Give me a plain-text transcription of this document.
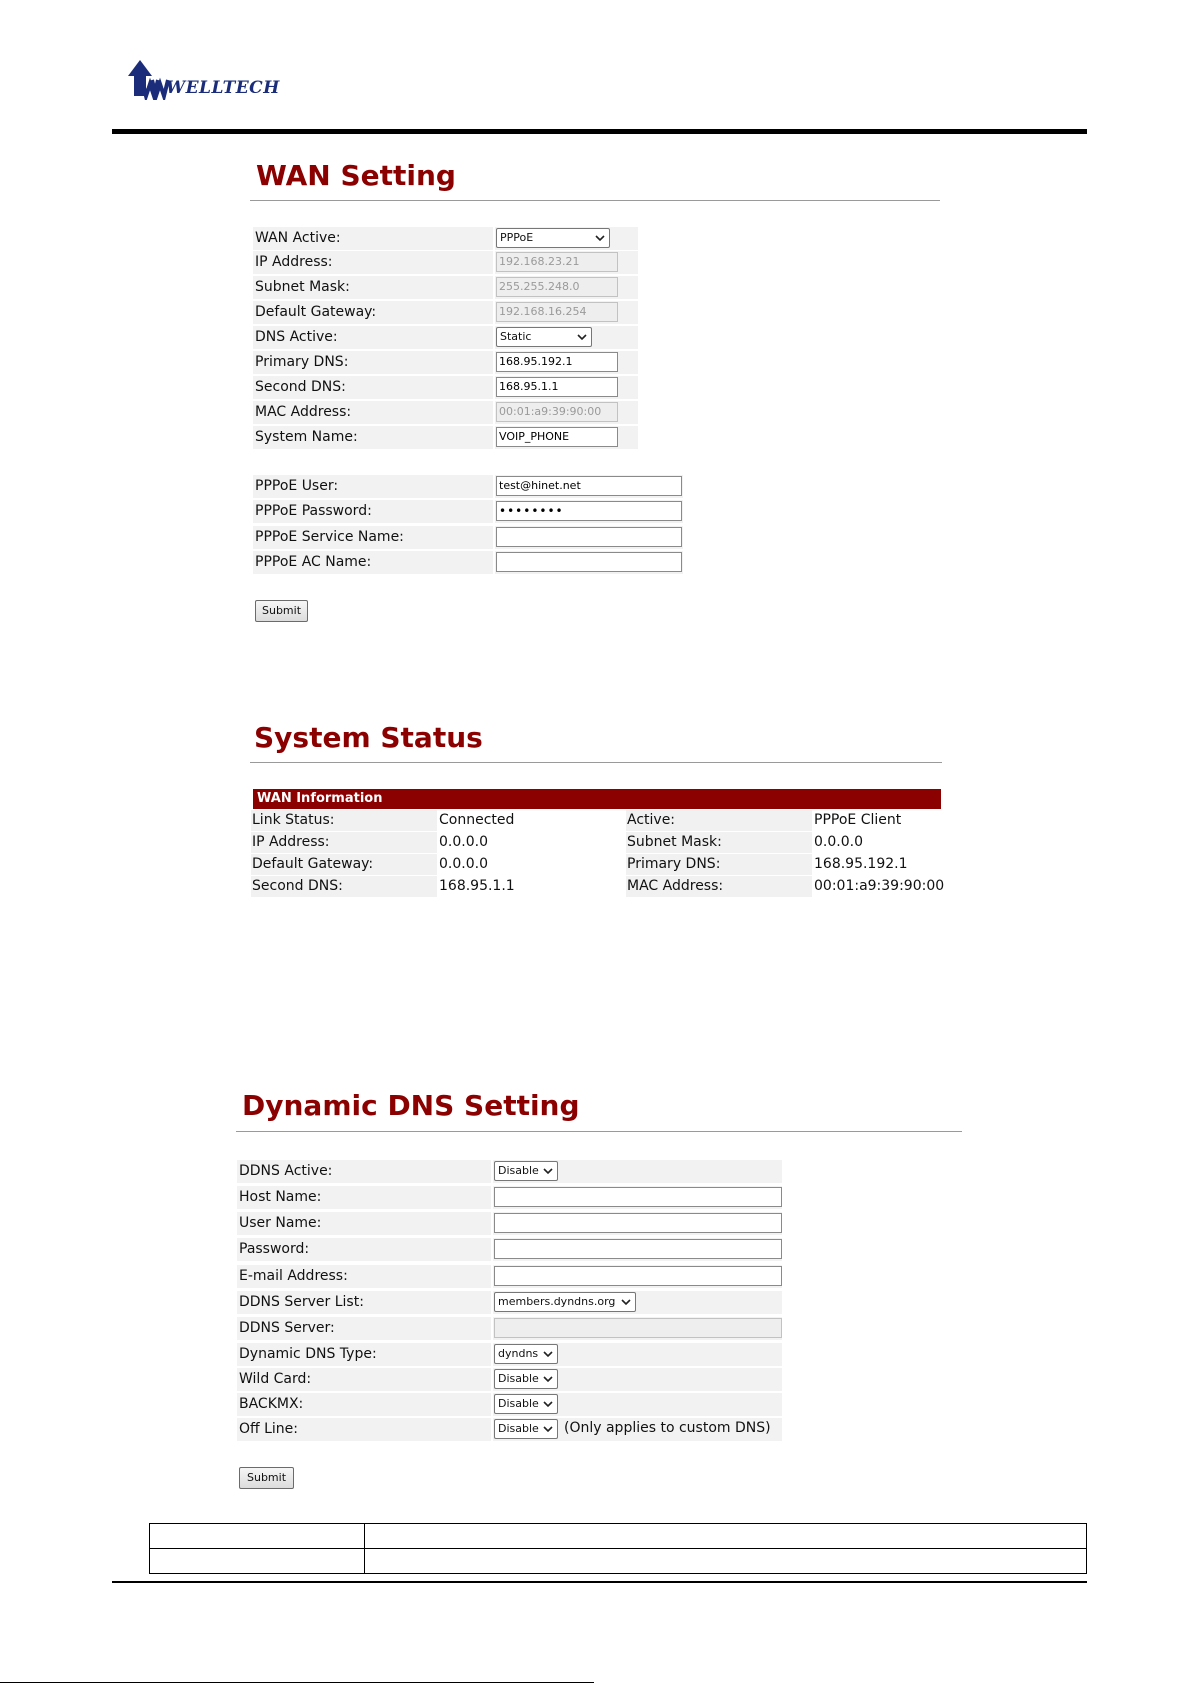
WELLTECH
WAN Setting
WAN Active:	PPPoE
IP Address:	192.168.23.21
Subnet Mask:	255.255.248.0
Default Gateway:	192.168.16.254
DNS Active:	Static
Primary DNS:	168.95.192.1
Second DNS:	168.95.1.1
MAC Address:	00:01:a9:39:90:00
System Name:	VOIP_PHONE
PPPoE User:	test@hinet.net
PPPoE Password:	••••••••
PPPoE Service Name:
PPPoE AC Name:
Submit
System Status
WAN Information
Link Status:	Connected	Active:	PPPoE Client
IP Address:	0.0.0.0	Subnet Mask:	0.0.0.0
Default Gateway:	0.0.0.0	Primary DNS:	168.95.192.1
Second DNS:	168.95.1.1	MAC Address:	00:01:a9:39:90:00
Dynamic DNS Setting
DDNS Active:	Disable
Host Name:
User Name:
Password:
E-mail Address:
DDNS Server List:	members.dyndns.org
DDNS Server:
Dynamic DNS Type:	dyndns
Wild Card:	Disable
BACKMX:	Disable
Off Line:	Disable	(Only applies to custom DNS)
Submit
